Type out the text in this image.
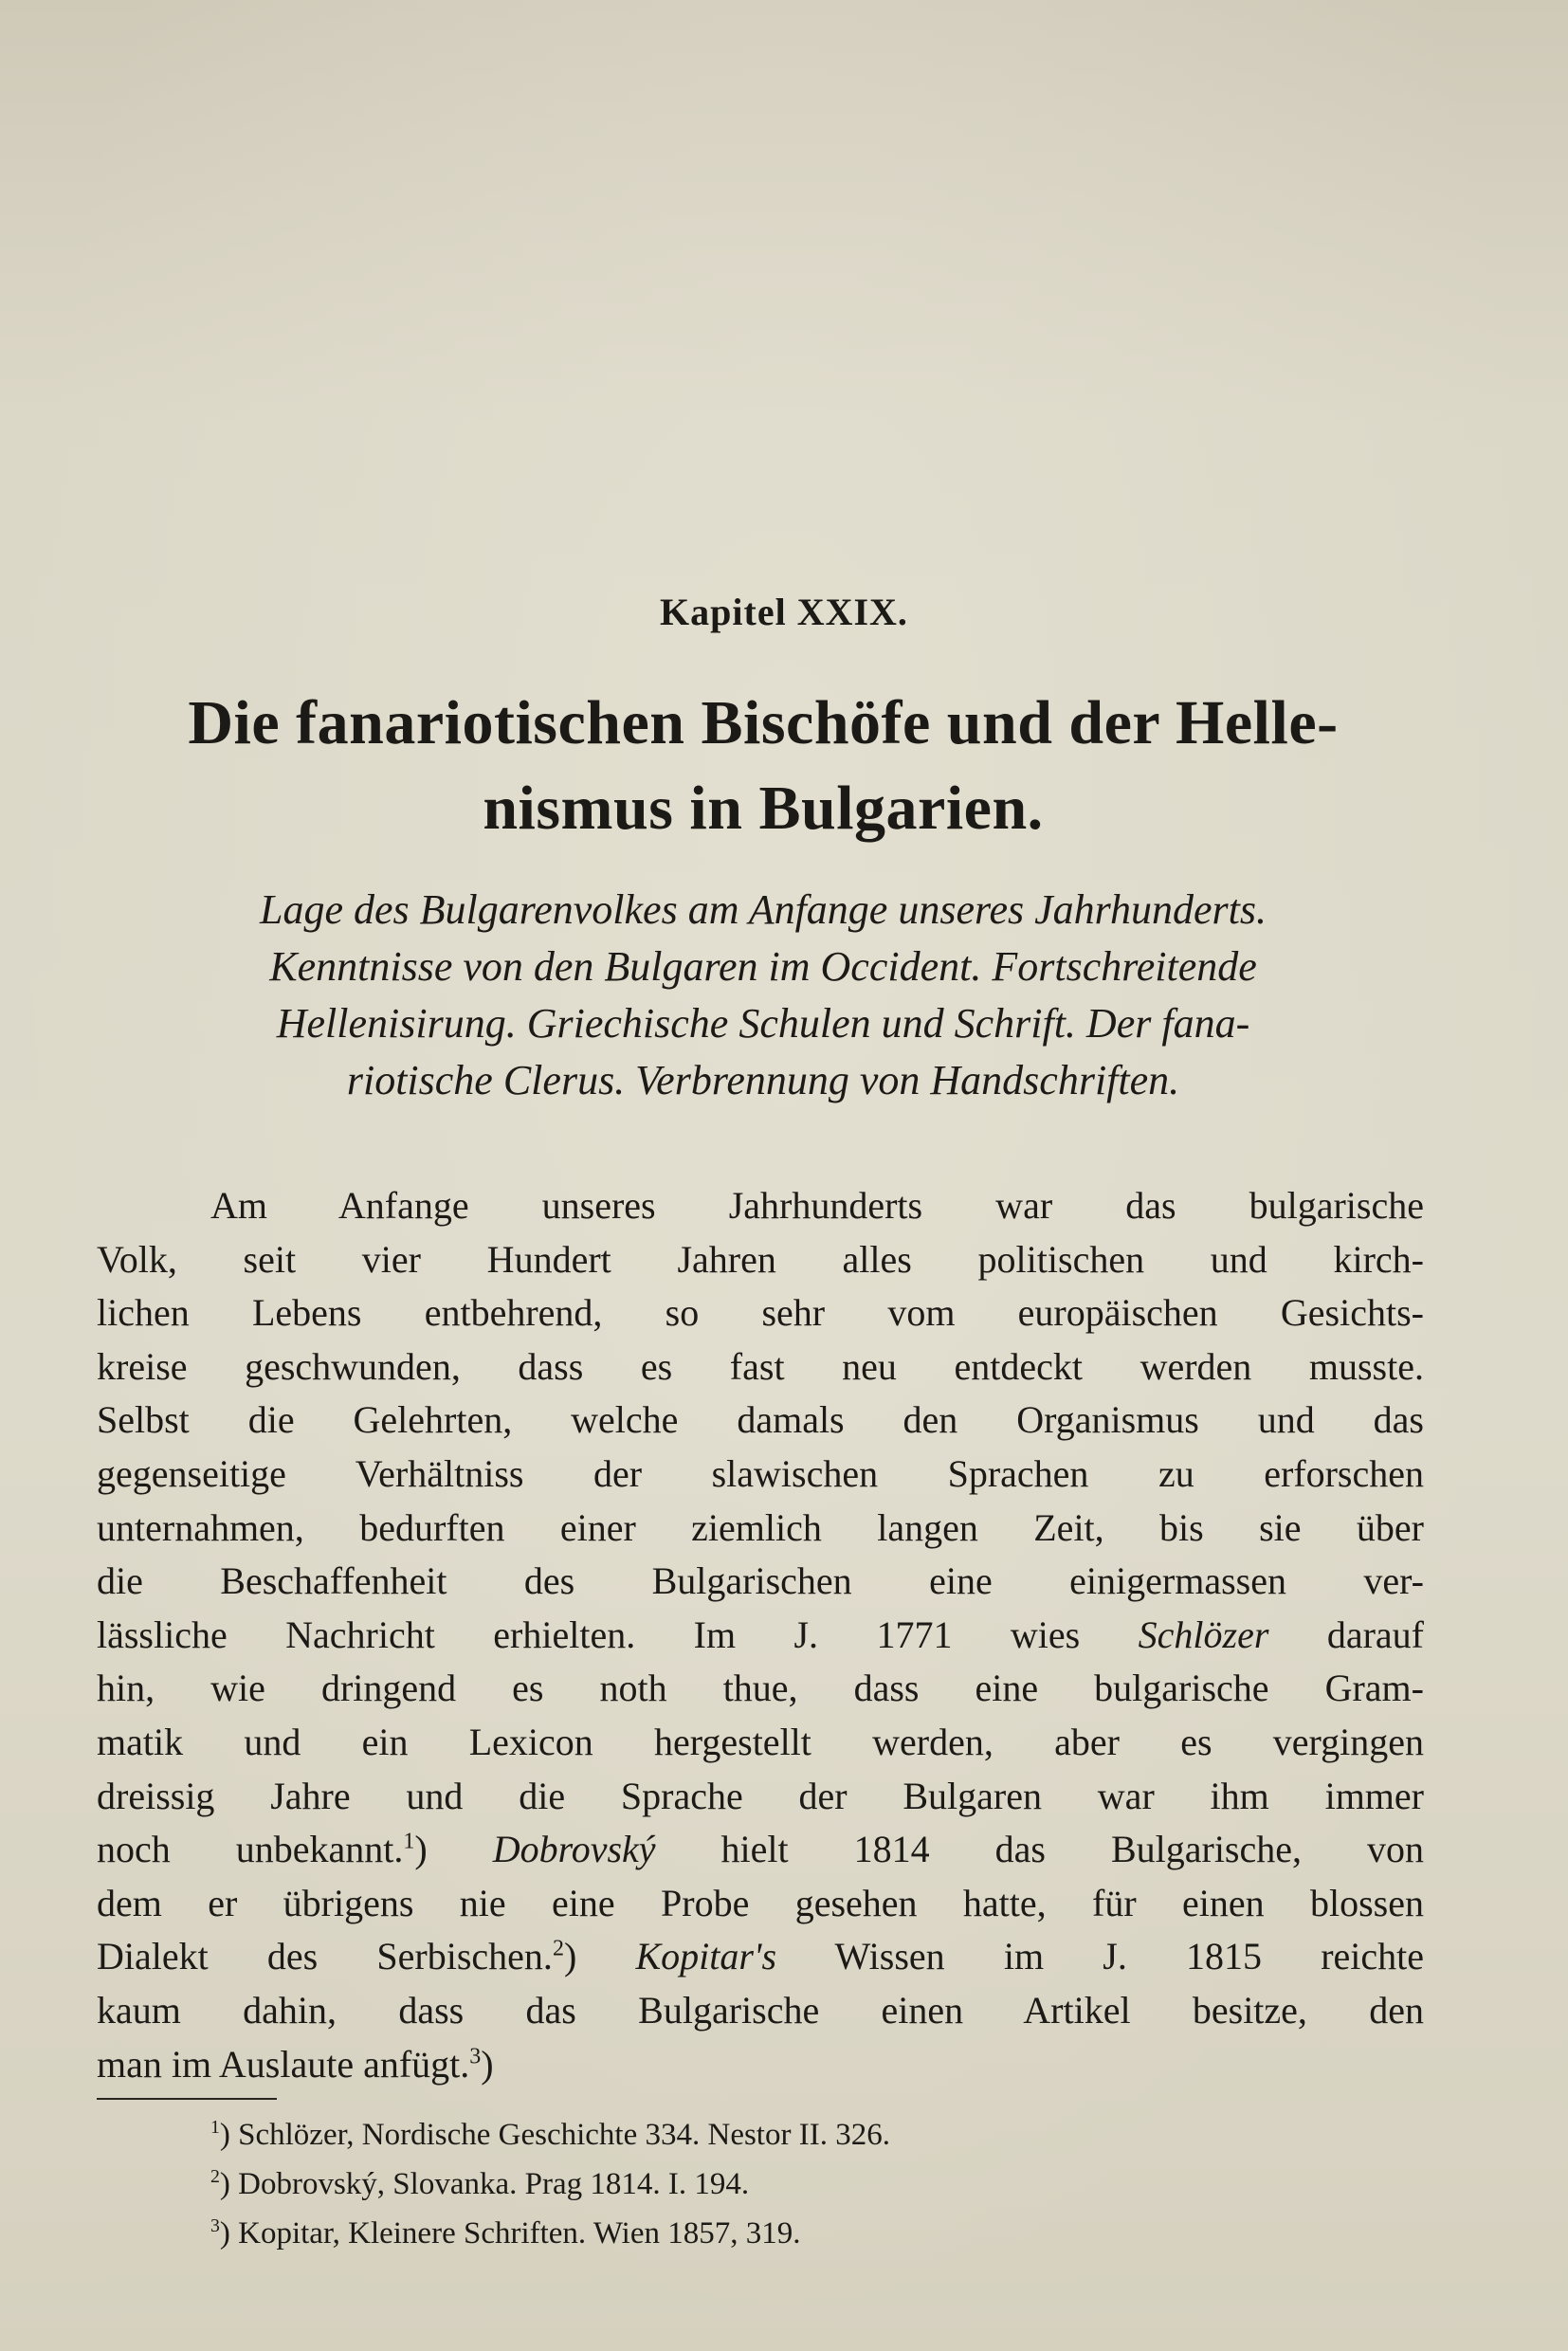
Kapitel XXIX.
Die fanariotischen Bischöfe und der Helle-
nismus in Bulgarien.
Lage des Bulgarenvolkes am Anfange unseres Jahrhunderts.
Kenntnisse von den Bulgaren im Occident. Fortschreitende
Hellenisirung. Griechische Schulen und Schrift. Der fana-
riotische Clerus. Verbrennung von Handschriften.
Am Anfange unseres Jahrhunderts war das bulgarische
Volk, seit vier Hundert Jahren alles politischen und kirch-
lichen Lebens entbehrend, so sehr vom europäischen Gesichts-
kreise geschwunden, dass es fast neu entdeckt werden musste.
Selbst die Gelehrten, welche damals den Organismus und das
gegenseitige Verhältniss der slawischen Sprachen zu erforschen
unternahmen, bedurften einer ziemlich langen Zeit, bis sie über
die Beschaffenheit des Bulgarischen eine einigermassen ver-
lässliche Nachricht erhielten. Im J. 1771 wies Schlözer darauf
hin, wie dringend es noth thue, dass eine bulgarische Gram-
matik und ein Lexicon hergestellt werden, aber es vergingen
dreissig Jahre und die Sprache der Bulgaren war ihm immer
noch unbekannt.$^1$) Dobrovský hielt 1814 das Bulgarische, von
dem er übrigens nie eine Probe gesehen hatte, für einen blossen
Dialekt des Serbischen.$^2$) Kopitar's Wissen im J. 1815 reichte
kaum dahin, dass das Bulgarische einen Artikel besitze, den
man im Auslaute anfügt.$^3$)
$^1$) Schlözer, Nordische Geschichte 334. Nestor II. 326.
$^2$) Dobrovský, Slovanka. Prag 1814. I. 194.
$^3$) Kopitar, Kleinere Schriften. Wien 1857, 319.
